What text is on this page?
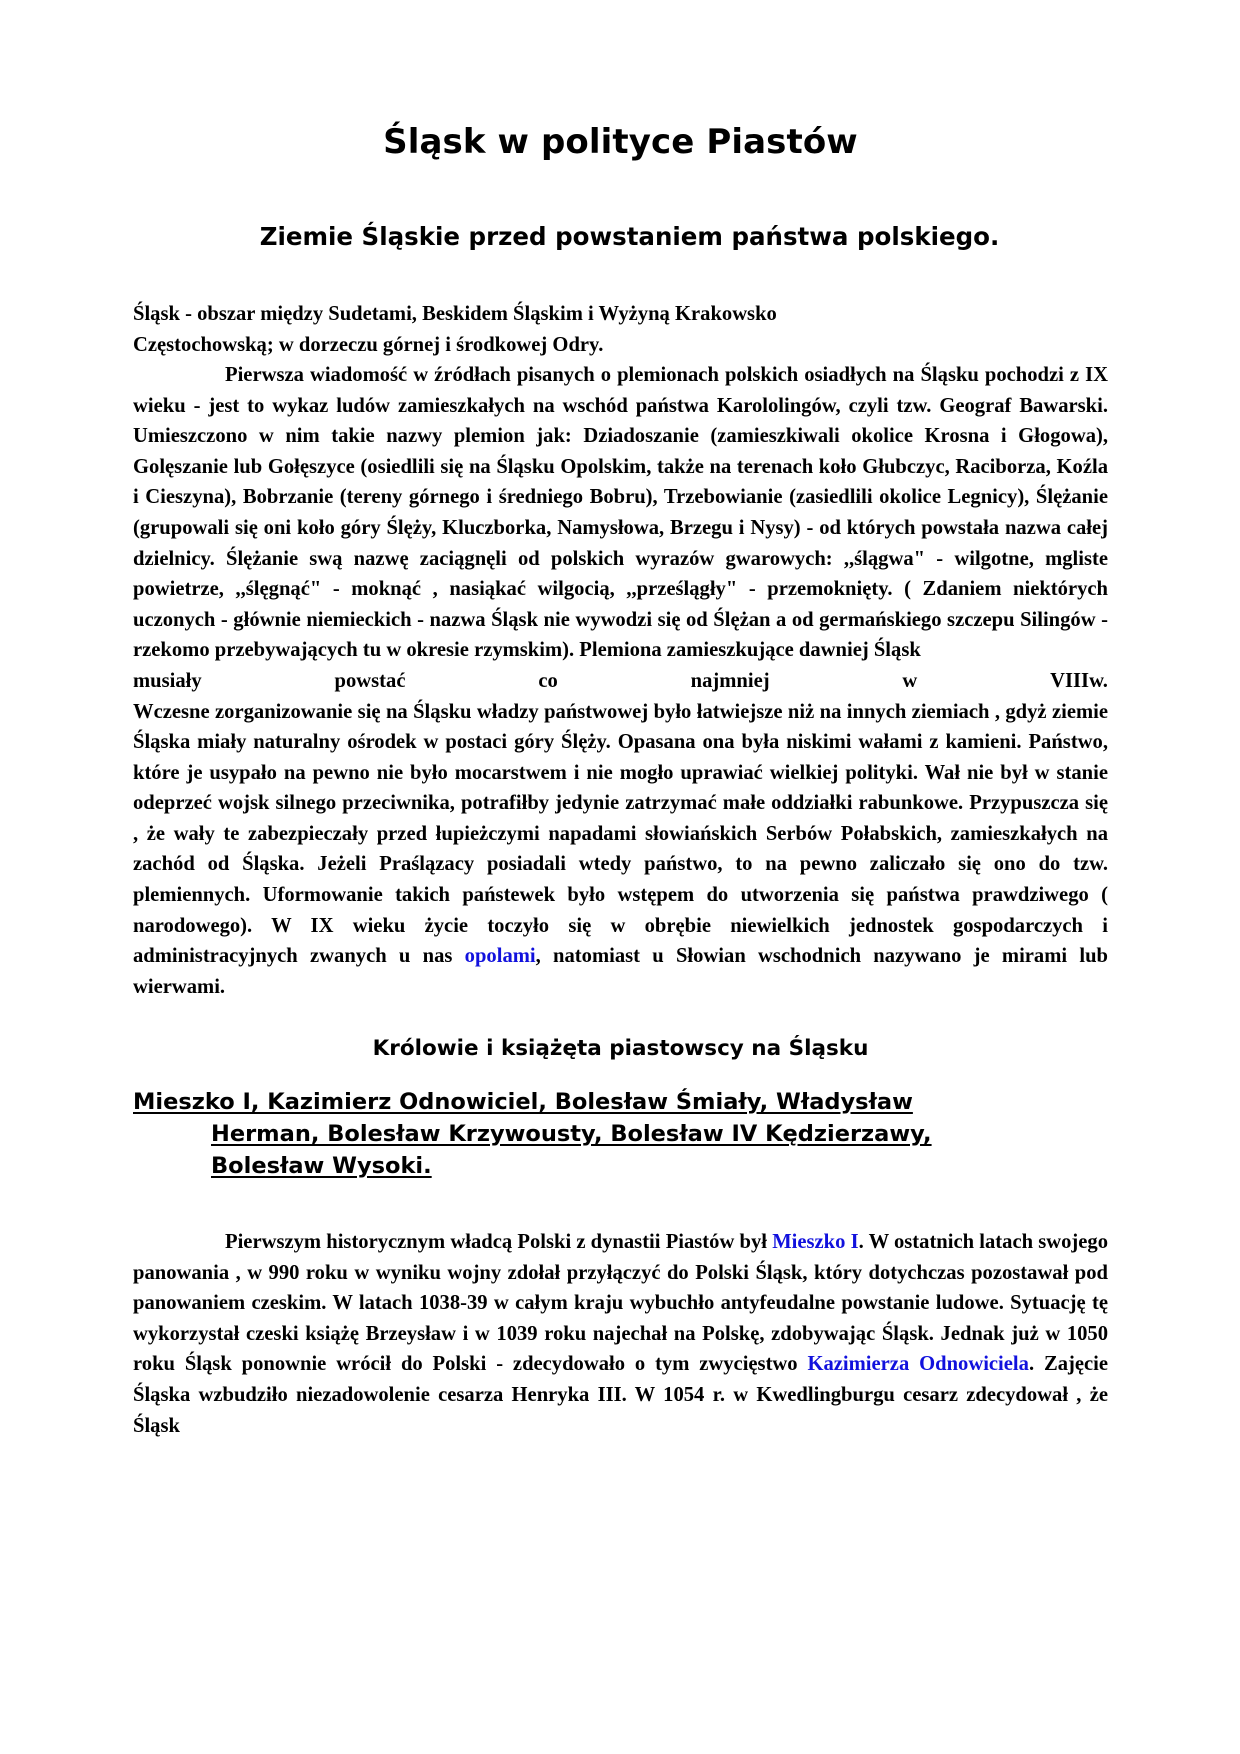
Śląsk w polityce Piastów
Ziemie Śląskie przed powstaniem państwa polskiego.

Śląsk - obszar między Sudetami, Beskidem Śląskim i Wyżyną Krakowsko
Częstochowską; w dorzeczu górnej i środkowej Odry.

Pierwsza wiadomość w źródłach pisanych o plemionach polskich osiadłych na Śląsku pochodzi z IX wieku - jest to wykaz ludów zamieszkałych na wschód państwa Karololingów, czyli tzw. Geograf Bawarski. Umieszczono w nim takie nazwy plemion jak: Dziadoszanie (zamieszkiwali okolice Krosna i Głogowa), Golęszanie lub Gołęszyce (osiedlili się na Śląsku Opolskim, także na terenach koło Głubczyc, Raciborza, Koźla i Cieszyna), Bobrzanie (tereny górnego i średniego Bobru), Trzebowianie (zasiedlili okolice Legnicy), Ślężanie (grupowali się oni koło góry Ślęży, Kluczborka, Namysłowa, Brzegu i Nysy) - od których powstała nazwa całej dzielnicy. Ślężanie swą nazwę zaciągnęli od polskich wyrazów gwarowych: ,,ślągwa" - wilgotne, mgliste powietrze, ,,ślęgnąć" - moknąć , nasiąkać wilgocią, ,,prześlągły" - przemoknięty. ( Zdaniem niektórych uczonych - głównie niemieckich - nazwa Śląsk nie wywodzi się od Ślężan a od germańskiego szczepu Silingów - rzekomo przebywających tu w okresie rzymskim). Plemiona zamieszkujące dawniej Śląsk

musiały	powstać	co	najmniej	w	VIIIw.

Wczesne zorganizowanie się na Śląsku władzy państwowej było łatwiejsze niż na innych ziemiach , gdyż ziemie Śląska miały naturalny ośrodek w postaci góry Ślęży. Opasana ona była niskimi wałami z kamieni. Państwo, które je usypało na pewno nie było mocarstwem i nie mogło uprawiać wielkiej polityki. Wał nie był w stanie odeprzeć wojsk silnego przeciwnika, potrafiłby jedynie zatrzymać małe oddziałki rabunkowe. Przypuszcza się , że wały te zabezpieczały przed łupieżczymi napadami słowiańskich Serbów Połabskich, zamieszkałych na zachód od Śląska. Jeżeli Praślązacy posiadali wtedy państwo, to na pewno zaliczało się ono do tzw. plemiennych. Uformowanie takich państewek było wstępem do utworzenia się państwa prawdziwego ( narodowego). W IX wieku życie toczyło się w obrębie niewielkich jednostek gospodarczych i administracyjnych zwanych u nas opolami, natomiast u Słowian wschodnich nazywano je mirami lub wierwami.

Królowie i książęta piastowscy na Śląsku
Mieszko I, Kazimierz Odnowiciel, Bolesław Śmiały, Władysław
Herman, Bolesław Krzywousty, Bolesław IV Kędzierzawy,
Bolesław Wysoki.

Pierwszym historycznym władcą Polski z dynastii Piastów był Mieszko I. W ostatnich latach swojego panowania , w 990 roku w wyniku wojny zdołał przyłączyć do Polski Śląsk, który dotychczas pozostawał pod panowaniem czeskim. W latach 1038-39 w całym kraju wybuchło antyfeudalne powstanie ludowe. Sytuację tę wykorzystał czeski książę Brzeysław i w 1039 roku najechał na Polskę, zdobywając Śląsk. Jednak już w 1050 roku Śląsk ponownie wrócił do Polski - zdecydowało o tym zwycięstwo Kazimierza Odnowiciela. Zajęcie Śląska wzbudziło niezadowolenie cesarza Henryka III. W 1054 r. w Kwedlingburgu cesarz zdecydował , że Śląsk
